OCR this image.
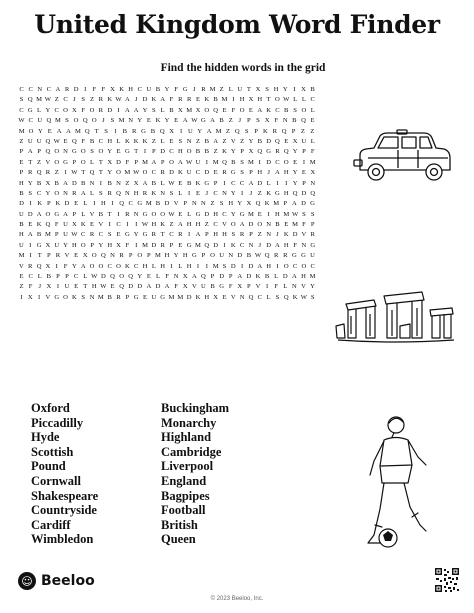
United Kingdom Word Finder
Find the hidden words in the grid
C C N C A R D I F F X K H C U B Y F G J R M Z L U T X S H Y I X B
S Q M W Z C J S Z R K W A J D K A F R R E K B M I H X H T O W L L C
C G L Y C O X F O R D I A A Y S L B X M X O Q E F O E A K C B S O L
W C U Q M S O Q O J S M N Y E K Y E A W G A B Z J P S X F N B Q E
M O Y E A A M Q T S I B R G B Q X I U Y A M Z Q S P K R Q P Z Z
Z U U Q W E Q F B C H L K K K Z L E S N Z B A Z V Z Y B D Q E X U L
P A P Q O N G O S O Y E G T I P D C H O B B Z K Y P X Q G R Q Y P F
E T Z V O G P O L T X D F P M A P O A W U I M Q B S M I D C O E I M
P R Q R Z I W T Q T Y O M W O C R D K U C D E R G S P H J A H Y E X
H Y B X B A D B N I B N Z X A B L W E B K G P I C C A D L I	I Y P N
B S C Y O N R A L S R Q N H R K N S L I E J C N Y I J Z K G H Q D Q
D I K P K D E L I H I Q C G M B D V P N N Z S H Y X Q K M P A D G
U D A O G A P L V B T I R N G O O W E L G D H C Y G M E I H M W S S
B E K Q F U X K E V I C I	I W H K Z A H H Z C V O A D O N B E M F P
H A B M P U W C R C S E G Y G R T C R I A P H H S R P Z N J K D V R
U I G X U Y H O P Y H X F I M D R P E G M Q D I K C N J D A H F N G
M I T P R V E X O Q N R P O P M H Y H G P O U N D B W Q R R G G U
V R Q X I F Y A O O C O K C H L H I L H I	I M S D I D A H I O C O C
E C L B P P C L W D Q O Q Y E L F N X A Q P D P A D K B L D A H M
Z F J X I U E T H W E Q D D A D A F X V U B G F X P V I F L N V Y
I X I V G O K S N M B R P G E U G M M D K H X E V N Q C L S Q K W S
Oxford
Piccadilly
Hyde
Scottish
Pound
Cornwall
Shakespeare
Countryside
Cardiff
Wimbledon
Buckingham
Monarchy
Highland
Cambridge
Liverpool
England
Bagpipes
Football
British
Queen
☺ Beeloo
© 2023 Beeloo, Inc.
